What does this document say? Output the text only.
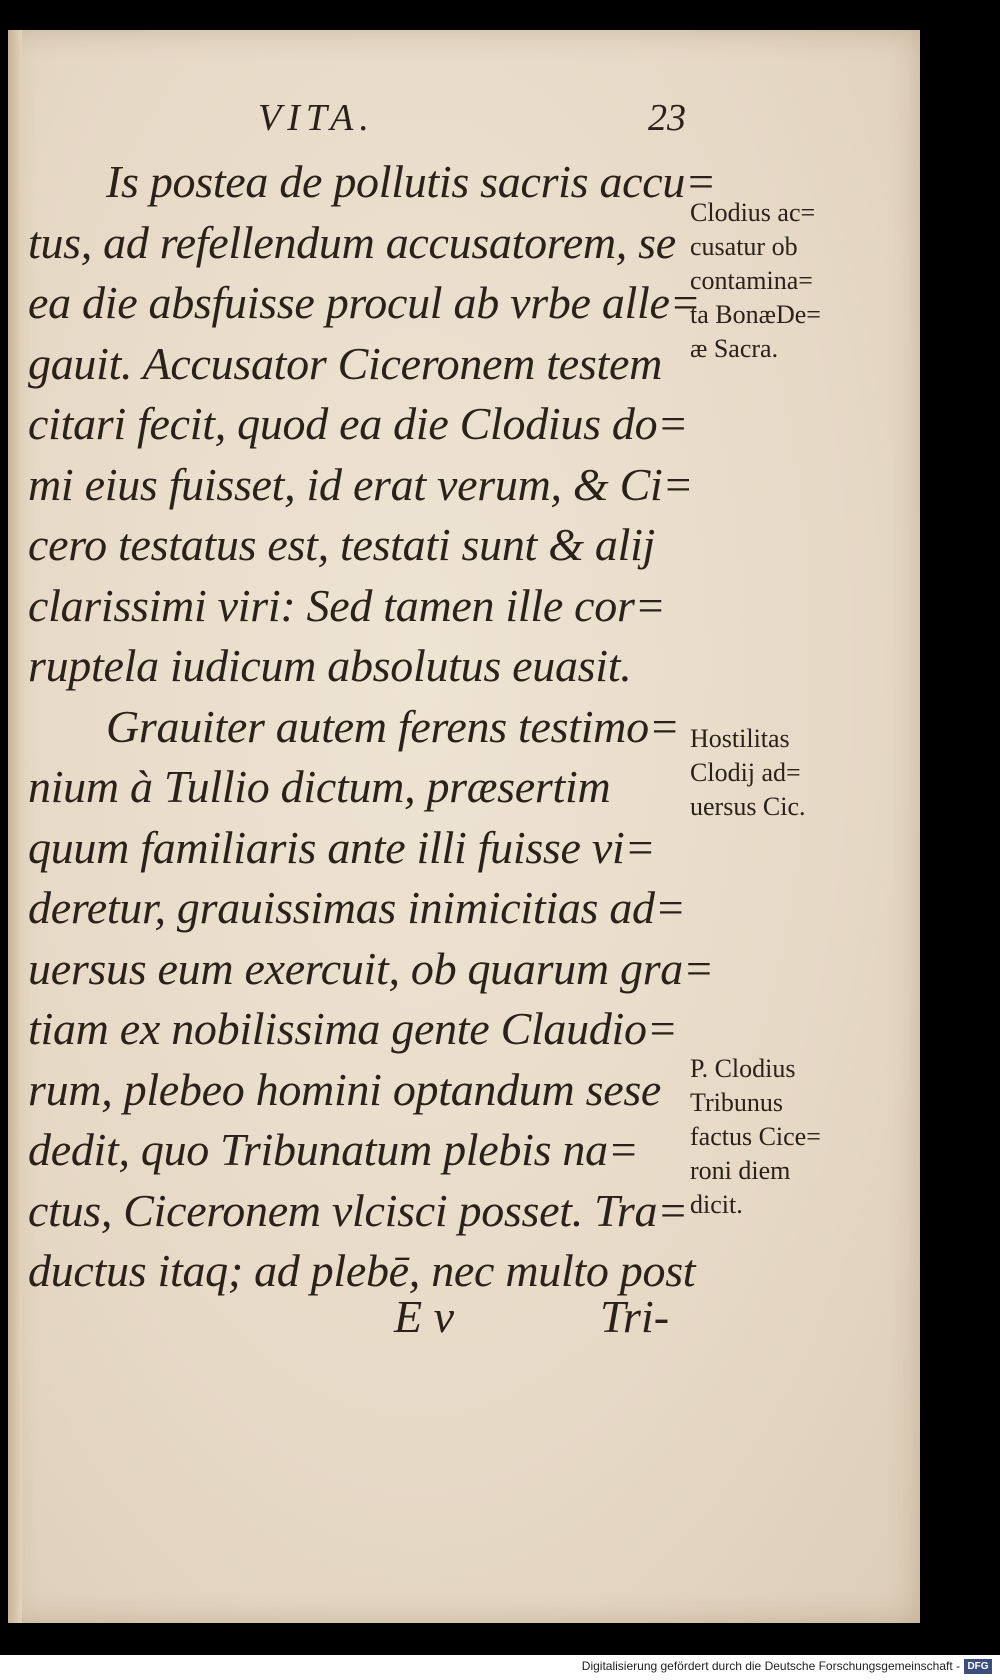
VITA.	23
Is postea de pollutis sacris accu=
tus, ad refellendum accusatorem, se
ea die absfuisse procul ab vrbe alle=
gauit. Accusator Ciceronem testem
citari fecit, quod ea die Clodius do=
mi eius fuisset, id erat verum, & Ci=
cero testatus est, testati sunt & alij
clarissimi viri: Sed tamen ille cor=
ruptela iudicum absolutus euasit.
Grauiter autem ferens testimo=
nium à Tullio dictum, præsertim
quum familiaris ante illi fuisse vi=
deretur, grauissimas inimicitias ad=
uersus eum exercuit, ob quarum gra=
tiam ex nobilissima gente Claudio=
rum, plebeo homini optandum sese
dedit, quo Tribunatum plebis na=
ctus, Ciceronem vlcisci posset. Tra=
ductus itaq; ad plebē, nec multo post
E v	Tri-
Clodius ac=
cusatur ob
contamina=
ta BonæDe=
æ Sacra.
Hostilitas
Clodij ad=
uersus Cic.
P. Clodius
Tribunus
factus Cice=
roni diem
dicit.
Digitalisierung gefördert durch die Deutsche Forschungsgemeinschaft - DFG
